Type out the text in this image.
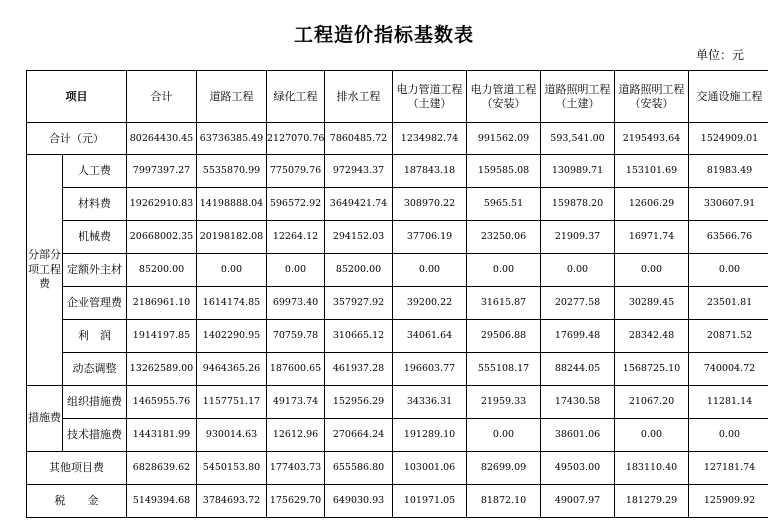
工程造价指标基数表
单位：元
项目		合计	道路工程	绿化工程	排水工程	电力管道工程（土建）	电力管道工程（安装）	道路照明工程（土建）	道路照明工程（安装）	交通设施工程
合计（元）		80264430.45	63736385.49	2127070.76	7860485.72	1234982.74	991562.09	593,541.00	2195493.64	1524909.01
分部分项工程费	人工费	7997397.27	5535870.99	775079.76	972943.37	187843.18	159585.08	130989.71	153101.69	81983.49
	材料费	19262910.83	14198888.04	596572.92	3649421.74	308970.22	5965.51	159878.20	12606.29	330607.91
	机械费	20668002.35	20198182.08	12264.12	294152.03	37706.19	23250.06	21909.37	16971.74	63566.76
	定额外主材	85200.00	0.00	0.00	85200.00	0.00	0.00	0.00	0.00	0.00
	企业管理费	2186961.10	1614174.85	69973.40	357927.92	39200.22	31615.87	20277.58	30289.45	23501.81
	利　润	1914197.85	1402290.95	70759.78	310665.12	34061.64	29506.88	17699.48	28342.48	20871.52
	动态调整	13262589.00	9464365.26	187600.65	461937.28	196603.77	555108.17	88244.05	1568725.10	740004.72
措施费	组织措施费	1465955.76	1157751.17	49173.74	152956.29	34336.31	21959.33	17430.58	21067.20	11281.14
	技术措施费	1443181.99	930014.63	12612.96	270664.24	191289.10	0.00	38601.06	0.00	0.00
其他项目费		6828639.62	5450153.80	177403.73	655586.80	103001.06	82699.09	49503.00	183110.40	127181.74
税　　金		5149394.68	3784693.72	175629.70	649030.93	101971.05	81872.10	49007.97	181279.29	125909.92
